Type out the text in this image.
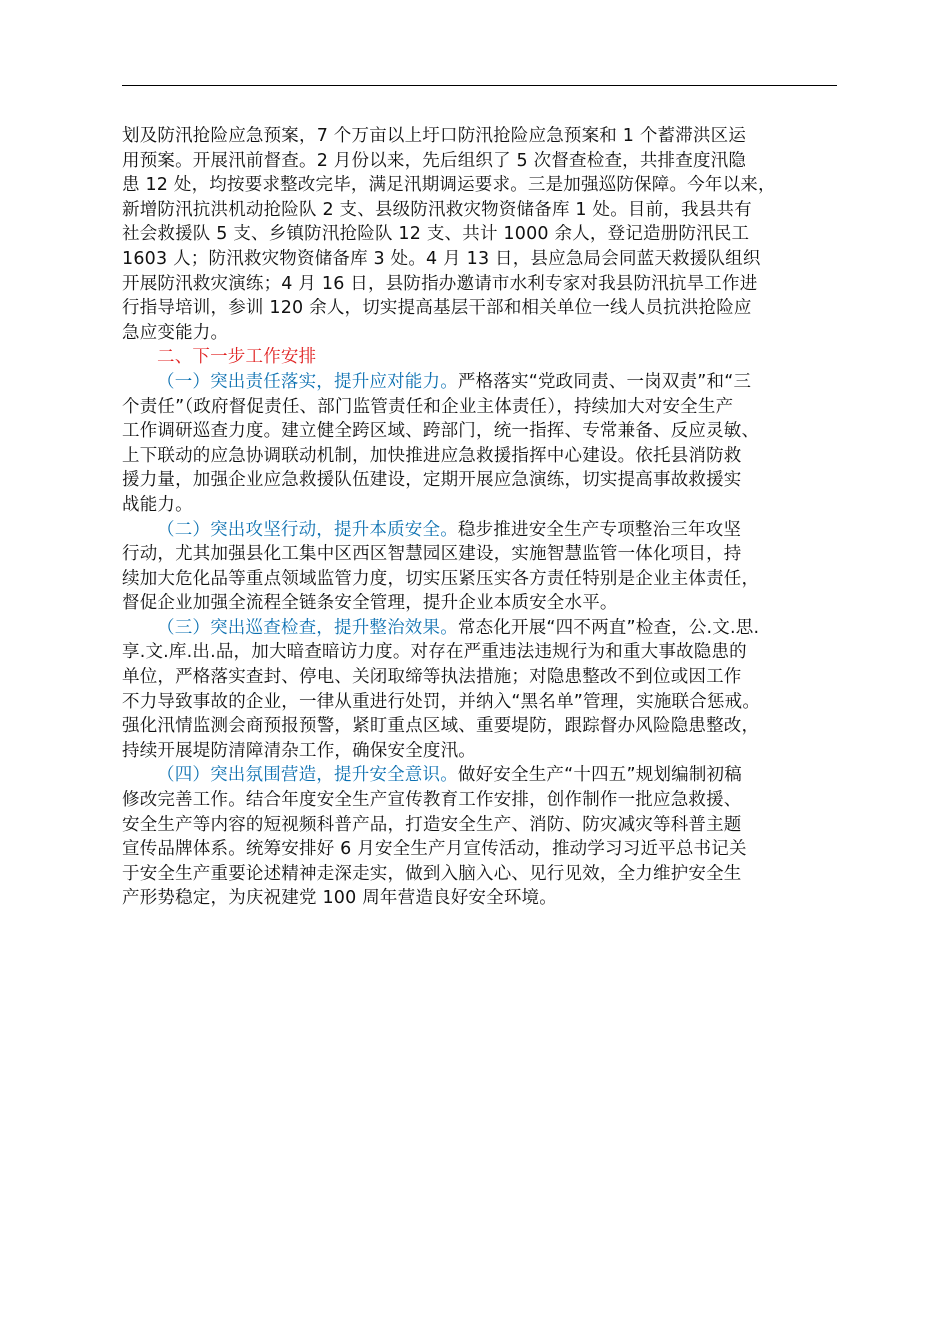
划及防汛抢险应急预案，7 个万亩以上圩口防汛抢险应急预案和 1 个蓄滞洪区运
用预案。开展汛前督查。2 月份以来，先后组织了 5 次督查检查，共排查度汛隐
患 12 处，均按要求整改完毕，满足汛期调运要求。三是加强巡防保障。今年以来，
新增防汛抗洪机动抢险队 2 支、县级防汛救灾物资储备库 1 处。目前，我县共有
社会救援队 5 支、乡镇防汛抢险队 12 支、共计 1000 余人，登记造册防汛民工
1603 人；防汛救灾物资储备库 3 处。4 月 13 日，县应急局会同蓝天救援队组织
开展防汛救灾演练；4 月 16 日，县防指办邀请市水利专家对我县防汛抗旱工作进
行指导培训，参训 120 余人，切实提高基层干部和相关单位一线人员抗洪抢险应
急应变能力。

二、下一步工作安排

（一）突出责任落实，提升应对能力。严格落实“党政同责、一岗双责”和“三
个责任”（政府督促责任、部门监管责任和企业主体责任），持续加大对安全生产
工作调研巡查力度。建立健全跨区域、跨部门，统一指挥、专常兼备、反应灵敏、
上下联动的应急协调联动机制，加快推进应急救援指挥中心建设。依托县消防救
援力量，加强企业应急救援队伍建设，定期开展应急演练，切实提高事故救援实
战能力。

（二）突出攻坚行动，提升本质安全。稳步推进安全生产专项整治三年攻坚
行动，尤其加强县化工集中区西区智慧园区建设，实施智慧监管一体化项目，持
续加大危化品等重点领域监管力度，切实压紧压实各方责任特别是企业主体责任，
督促企业加强全流程全链条安全管理，提升企业本质安全水平。

（三）突出巡查检查，提升整治效果。常态化开展“四不两直”检查，公.文.思.
享.文.库.出.品，加大暗查暗访力度。对存在严重违法违规行为和重大事故隐患的
单位，严格落实查封、停电、关闭取缔等执法措施；对隐患整改不到位或因工作
不力导致事故的企业，一律从重进行处罚，并纳入“黑名单”管理，实施联合惩戒。
强化汛情监测会商预报预警，紧盯重点区域、重要堤防，跟踪督办风险隐患整改，
持续开展堤防清障清杂工作，确保安全度汛。

（四）突出氛围营造，提升安全意识。做好安全生产“十四五”规划编制初稿
修改完善工作。结合年度安全生产宣传教育工作安排，创作制作一批应急救援、
安全生产等内容的短视频科普产品，打造安全生产、消防、防灾减灾等科普主题
宣传品牌体系。统筹安排好 6 月安全生产月宣传活动，推动学习习近平总书记关
于安全生产重要论述精神走深走实，做到入脑入心、见行见效，全力维护安全生
产形势稳定，为庆祝建党 100 周年营造良好安全环境。
